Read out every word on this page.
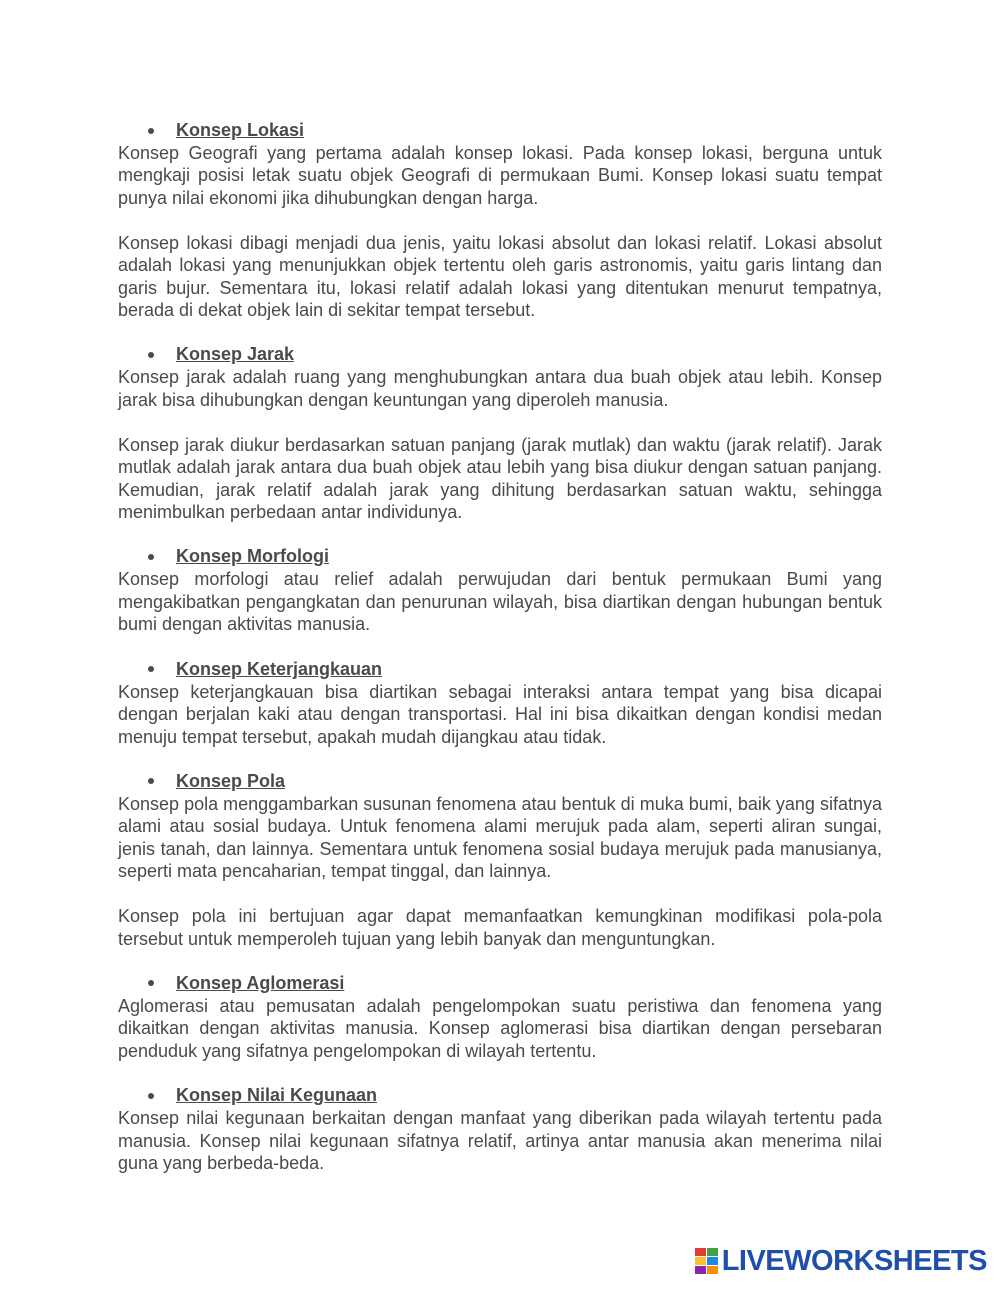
Konsep Lokasi

Konsep Geografi yang pertama adalah konsep lokasi. Pada konsep lokasi, berguna untuk mengkaji posisi letak suatu objek Geografi di permukaan Bumi. Konsep lokasi suatu tempat punya nilai ekonomi jika dihubungkan dengan harga.

Konsep lokasi dibagi menjadi dua jenis, yaitu lokasi absolut dan lokasi relatif. Lokasi absolut adalah lokasi yang menunjukkan objek tertentu oleh garis astronomis, yaitu garis lintang dan garis bujur. Sementara itu, lokasi relatif adalah lokasi yang ditentukan menurut tempatnya, berada di dekat objek lain di sekitar tempat tersebut.

Konsep Jarak

Konsep jarak adalah ruang yang menghubungkan antara dua buah objek atau lebih. Konsep jarak bisa dihubungkan dengan keuntungan yang diperoleh manusia.

Konsep jarak diukur berdasarkan satuan panjang (jarak mutlak) dan waktu (jarak relatif). Jarak mutlak adalah jarak antara dua buah objek atau lebih yang bisa diukur dengan satuan panjang. Kemudian, jarak relatif adalah jarak yang dihitung berdasarkan satuan waktu, sehingga menimbulkan perbedaan antar individunya.

Konsep Morfologi

Konsep morfologi atau relief adalah perwujudan dari bentuk permukaan Bumi yang mengakibatkan pengangkatan dan penurunan wilayah, bisa diartikan dengan hubungan bentuk bumi dengan aktivitas manusia.

Konsep Keterjangkauan

Konsep keterjangkauan bisa diartikan sebagai interaksi antara tempat yang bisa dicapai dengan berjalan kaki atau dengan transportasi. Hal ini bisa dikaitkan dengan kondisi medan menuju tempat tersebut, apakah mudah dijangkau atau tidak.

Konsep Pola

Konsep pola menggambarkan susunan fenomena atau bentuk di muka bumi, baik yang sifatnya alami atau sosial budaya. Untuk fenomena alami merujuk pada alam, seperti aliran sungai, jenis tanah, dan lainnya. Sementara untuk fenomena sosial budaya merujuk pada manusianya, seperti mata pencaharian, tempat tinggal, dan lainnya.

Konsep pola ini bertujuan agar dapat memanfaatkan kemungkinan modifikasi pola-pola tersebut untuk memperoleh tujuan yang lebih banyak dan menguntungkan.

Konsep Aglomerasi

Aglomerasi atau pemusatan adalah pengelompokan suatu peristiwa dan fenomena yang dikaitkan dengan aktivitas manusia. Konsep aglomerasi bisa diartikan dengan persebaran penduduk yang sifatnya pengelompokan di wilayah tertentu.

Konsep Nilai Kegunaan

Konsep nilai kegunaan berkaitan dengan manfaat yang diberikan pada wilayah tertentu pada manusia. Konsep nilai kegunaan sifatnya relatif, artinya antar manusia akan menerima nilai guna yang berbeda-beda.

LIVEWORKSHEETS
